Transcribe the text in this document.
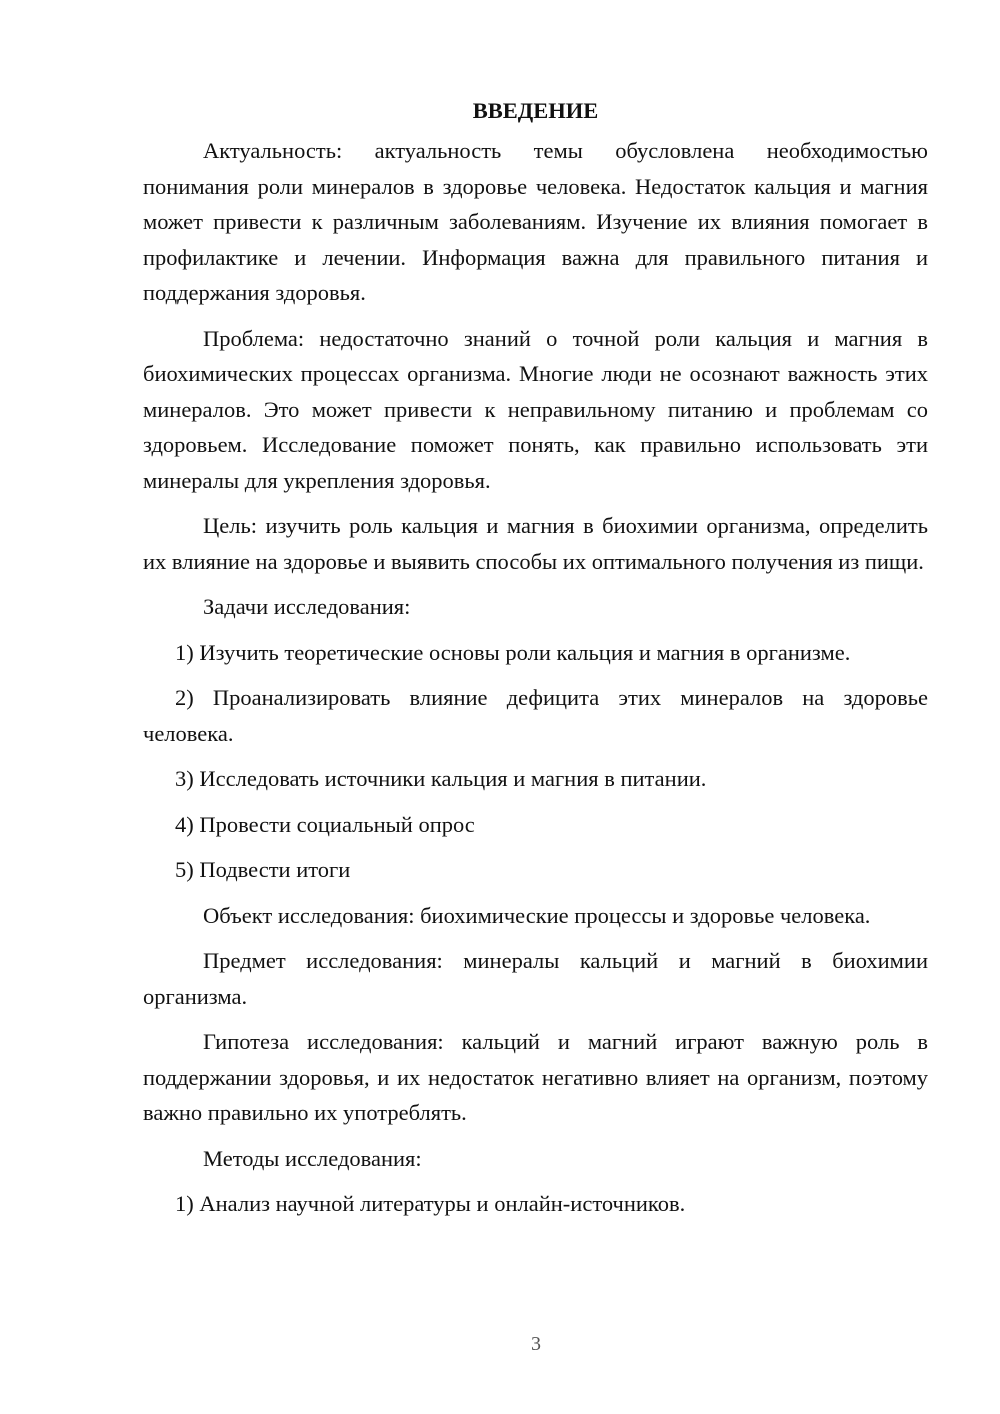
ВВЕДЕНИЕ

Актуальность: актуальность темы обусловлена необходимостью понимания роли минералов в здоровье человека. Недостаток кальция и магния может привести к различным заболеваниям. Изучение их влияния помогает в профилактике и лечении. Информация важна для правильного питания и поддержания здоровья.

Проблема: недостаточно знаний о точной роли кальция и магния в биохимических процессах организма. Многие люди не осознают важность этих минералов. Это может привести к неправильному питанию и проблемам со здоровьем. Исследование поможет понять, как правильно использовать эти минералы для укрепления здоровья.

Цель: изучить роль кальция и магния в биохимии организма, определить их влияние на здоровье и выявить способы их оптимального получения из пищи.

Задачи исследования:

1) Изучить теоретические основы роли кальция и магния в организме.

2) Проанализировать влияние дефицита этих минералов на здоровье человека.

3) Исследовать источники кальция и магния в питании.

4) Провести социальный опрос

5) Подвести итоги

Объект исследования: биохимические процессы и здоровье человека.

Предмет исследования: минералы кальций и магний в биохимии организма.

Гипотеза исследования: кальций и магний играют важную роль в поддержании здоровья, и их недостаток негативно влияет на организм, поэтому важно правильно их употреблять.

Методы исследования:

1) Анализ научной литературы и онлайн-источников.

3
